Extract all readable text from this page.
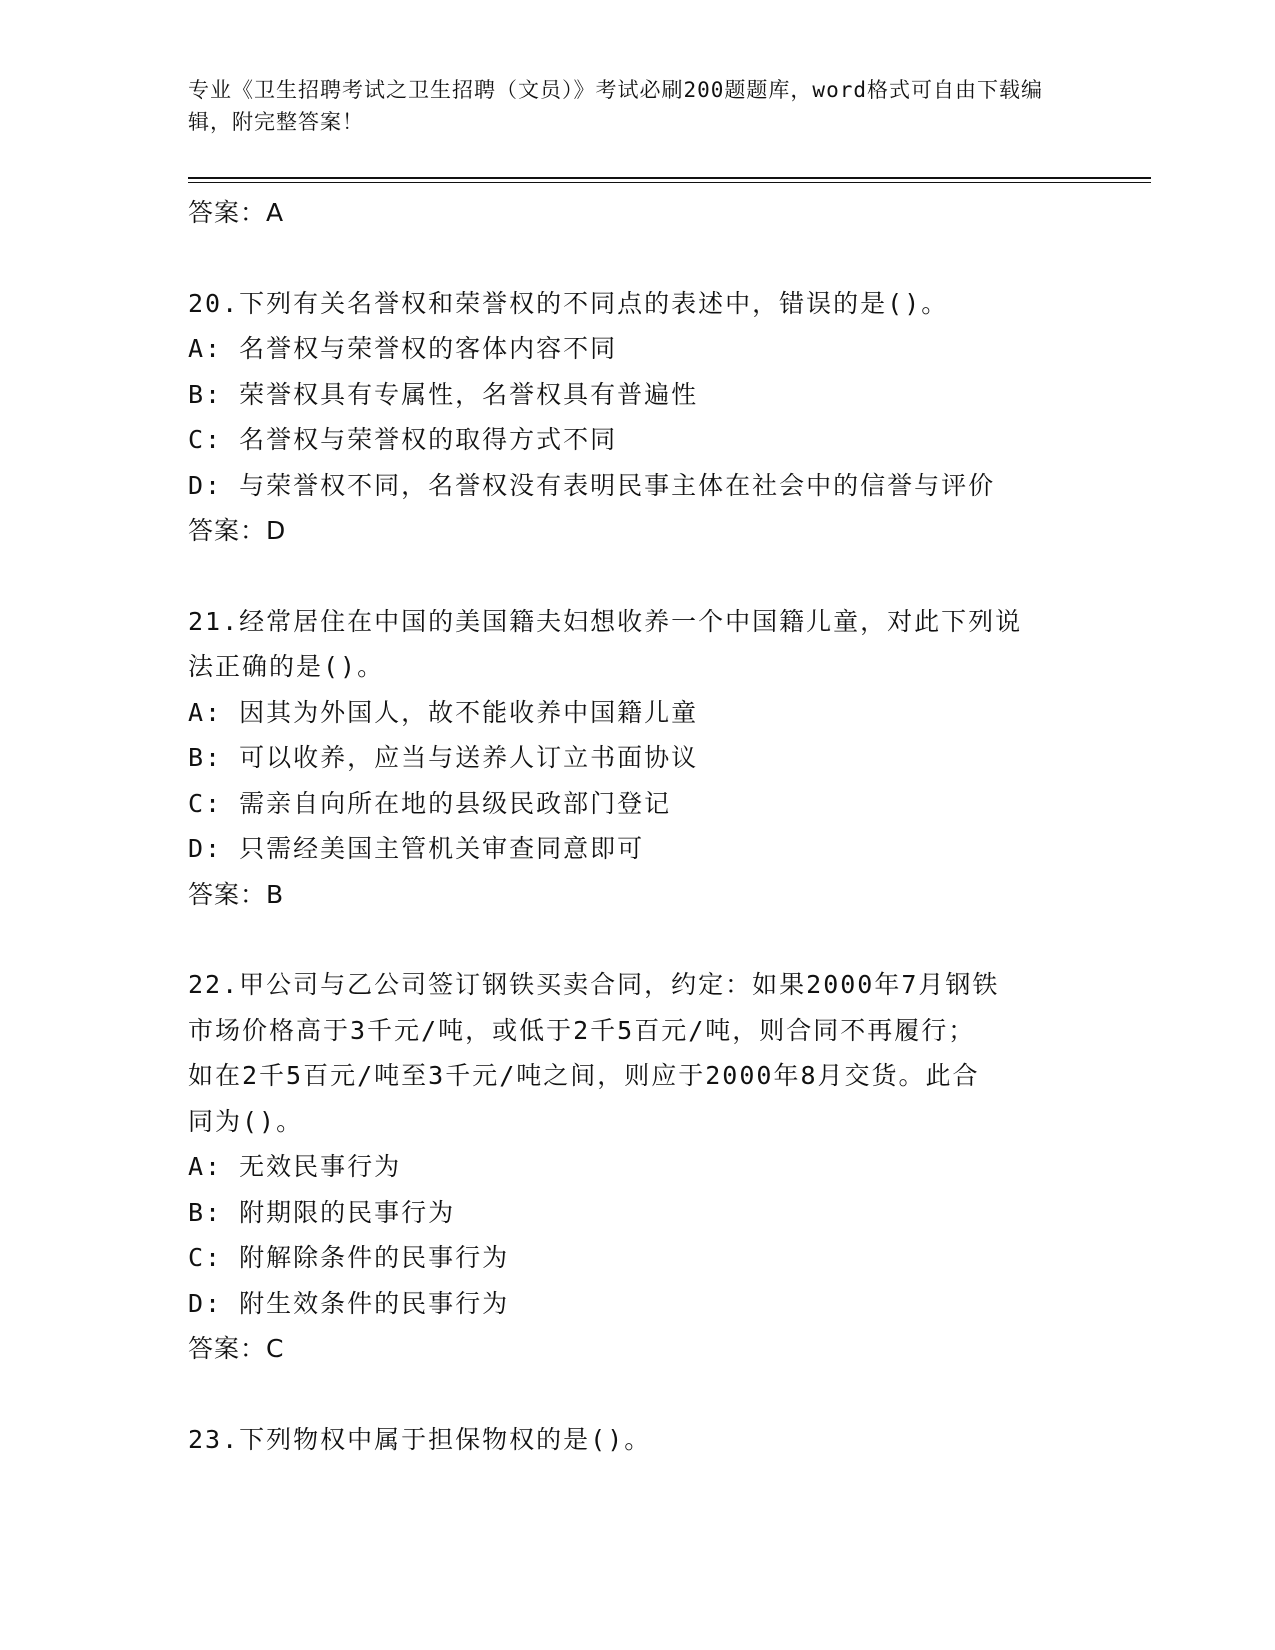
专业《卫生招聘考试之卫生招聘（文员）》考试必刷200题题库，word格式可自由下载编辑，附完整答案！
答案：A
20.下列有关名誉权和荣誉权的不同点的表述中，错误的是()。
A: 名誉权与荣誉权的客体内容不同
B: 荣誉权具有专属性，名誉权具有普遍性
C: 名誉权与荣誉权的取得方式不同
D: 与荣誉权不同，名誉权没有表明民事主体在社会中的信誉与评价
答案：D
21.经常居住在中国的美国籍夫妇想收养一个中国籍儿童，对此下列说
法正确的是()。
A: 因其为外国人，故不能收养中国籍儿童
B: 可以收养，应当与送养人订立书面协议
C: 需亲自向所在地的县级民政部门登记
D: 只需经美国主管机关审查同意即可
答案：B
22.甲公司与乙公司签订钢铁买卖合同，约定：如果2000年7月钢铁
市场价格高于3千元/吨，或低于2千5百元/吨，则合同不再履行；
如在2千5百元/吨至3千元/吨之间，则应于2000年8月交货。此合
同为()。
A: 无效民事行为
B: 附期限的民事行为
C: 附解除条件的民事行为
D: 附生效条件的民事行为
答案：C
23.下列物权中属于担保物权的是()。
